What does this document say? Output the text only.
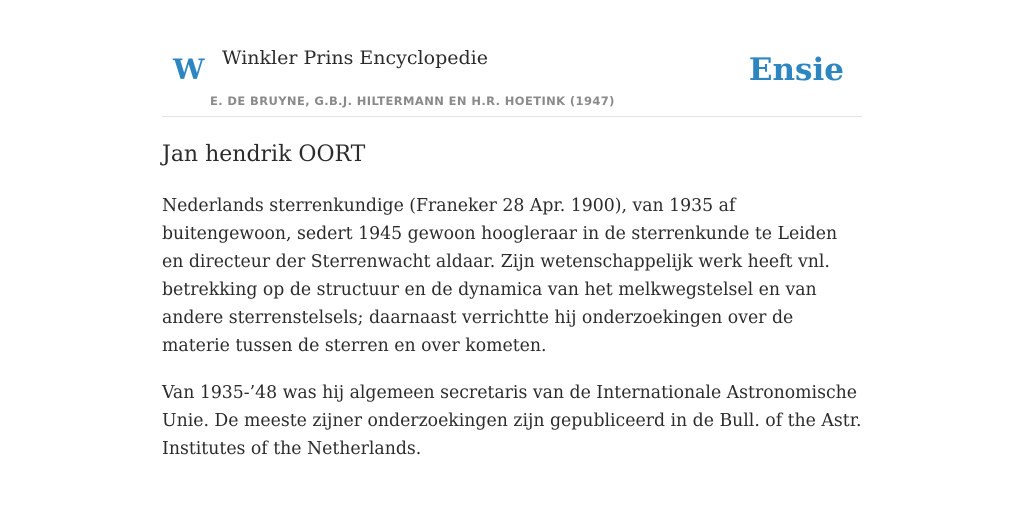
W Winkler Prins Encyclopedie
E. DE BRUYNE, G.B.J. HILTERMANN EN H.R. HOETINK (1947)
Ensie
Jan hendrik OORT

Nederlands sterrenkundige (Franeker 28 Apr. 1900), van 1935 af buitengewoon, sedert 1945 gewoon hoogleraar in de sterrenkunde te Leiden en directeur der Sterrenwacht aldaar. Zijn wetenschappelijk werk heeft vnl. betrekking op de structuur en de dynamica van het melkwegstelsel en van andere sterrenstelsels; daarnaast verrichtte hij onderzoekingen over de materie tussen de sterren en over kometen.

Van 1935-’48 was hij algemeen secretaris van de Internationale Astronomische Unie. De meeste zijner onderzoekingen zijn gepubliceerd in de Bull. of the Astr. Institutes of the Netherlands.
